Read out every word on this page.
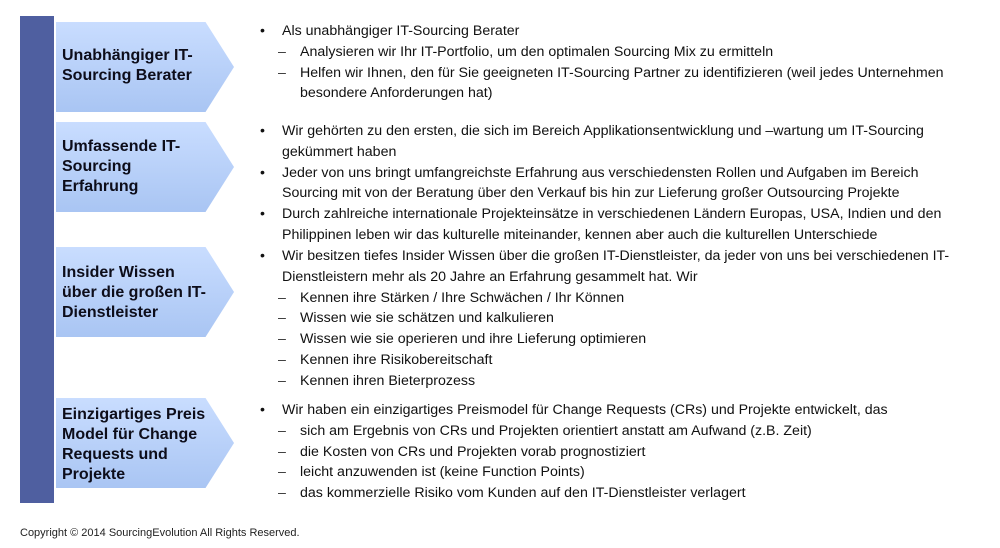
Unabhängiger IT-
Sourcing Berater
• Als unabhängiger IT-Sourcing Berater
– Analysieren wir Ihr IT-Portfolio, um den optimalen Sourcing Mix zu ermitteln
– Helfen wir Ihnen, den für Sie geeigneten IT-Sourcing Partner zu identifizieren (weil jedes Unternehmen besondere Anforderungen hat)
Umfassende IT-
Sourcing
Erfahrung
• Wir gehörten zu den ersten, die sich im Bereich Applikationsentwicklung und –wartung um IT-Sourcing gekümmert haben
• Jeder von uns bringt umfangreichste Erfahrung aus verschiedensten Rollen und Aufgaben im Bereich Sourcing mit von der Beratung über den Verkauf bis hin zur Lieferung großer Outsourcing Projekte
• Durch zahlreiche internationale Projekteinsätze in verschiedenen Ländern Europas, USA, Indien und den Philippinen leben wir das kulturelle miteinander, kennen aber auch die kulturellen Unterschiede
Insider Wissen
über die großen IT-
Dienstleister
• Wir besitzen tiefes Insider Wissen über die großen IT-Dienstleister, da jeder von uns bei verschiedenen IT-Dienstleistern mehr als 20 Jahre an Erfahrung gesammelt hat. Wir
– Kennen ihre Stärken / Ihre Schwächen / Ihr Können
– Wissen wie sie schätzen und kalkulieren
– Wissen wie sie operieren und ihre Lieferung optimieren
– Kennen ihre Risikobereitschaft
– Kennen ihren Bieterprozess
Einzigartiges Preis
Model für Change
Requests und
Projekte
• Wir haben ein einzigartiges Preismodel für Change Requests (CRs) und Projekte entwickelt, das
– sich am Ergebnis von CRs und Projekten orientiert anstatt am Aufwand (z.B. Zeit)
– die Kosten von CRs und Projekten vorab prognostiziert
– leicht anzuwenden ist (keine Function Points)
– das kommerzielle Risiko vom Kunden auf den IT-Dienstleister verlagert
Copyright © 2014 SourcingEvolution All Rights Reserved.
